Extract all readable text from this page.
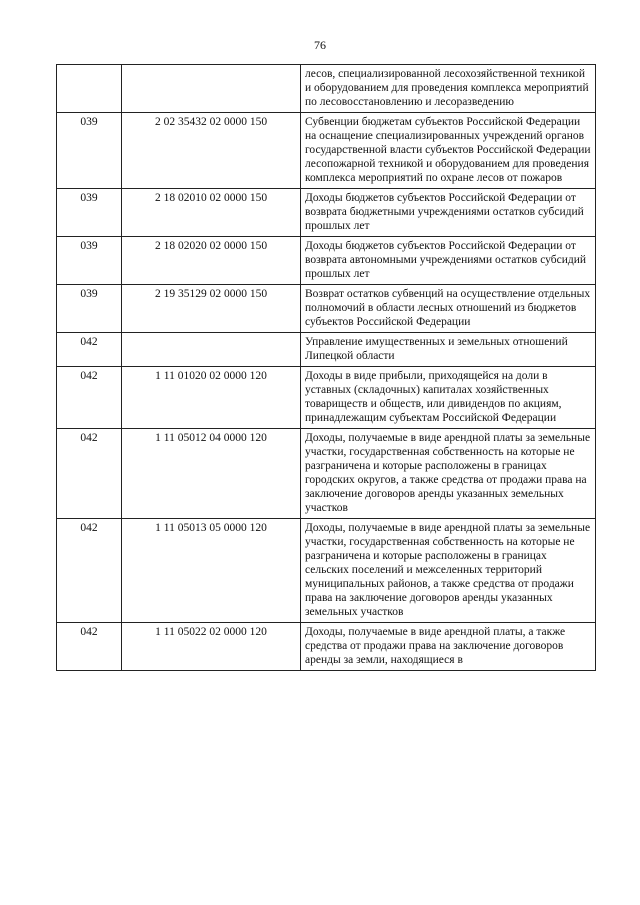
76
		лесов, специализированной лесохозяйственной техникой и оборудованием для проведения комплекса мероприятий по лесовосстановлению и лесоразведению
039	2 02 35432 02 0000 150	Субвенции бюджетам субъектов Российской Федерации на оснащение специализированных учреждений органов государственной власти субъектов Российской Федерации лесопожарной техникой и оборудованием для проведения комплекса мероприятий по охране лесов от пожаров
039	2 18 02010 02 0000 150	Доходы бюджетов субъектов Российской Федерации от возврата бюджетными учреждениями остатков субсидий прошлых лет
039	2 18 02020 02 0000 150	Доходы бюджетов субъектов Российской Федерации от возврата автономными учреждениями остатков субсидий прошлых лет
039	2 19 35129 02 0000 150	Возврат остатков субвенций на осуществление отдельных полномочий в области лесных отношений из бюджетов субъектов Российской Федерации
042		Управление имущественных и земельных отношений Липецкой области
042	1 11 01020 02 0000 120	Доходы в виде прибыли, приходящейся на доли в уставных (складочных) капиталах хозяйственных товариществ и обществ, или дивидендов по акциям, принадлежащим субъектам Российской Федерации
042	1 11 05012 04 0000 120	Доходы, получаемые в виде арендной платы за земельные участки, государственная собственность на которые не разграничена и которые расположены в границах городских округов, а также средства от продажи права на заключение договоров аренды указанных земельных участков
042	1 11 05013 05 0000 120	Доходы, получаемые в виде арендной платы за земельные участки, государственная собственность на которые не разграничена и которые расположены в границах сельских поселений и межселенных территорий муниципальных районов, а также средства от продажи права на заключение договоров аренды указанных земельных участков
042	1 11 05022 02 0000 120	Доходы, получаемые в виде арендной платы, а также средства от продажи права на заключение договоров аренды за земли, находящиеся в
